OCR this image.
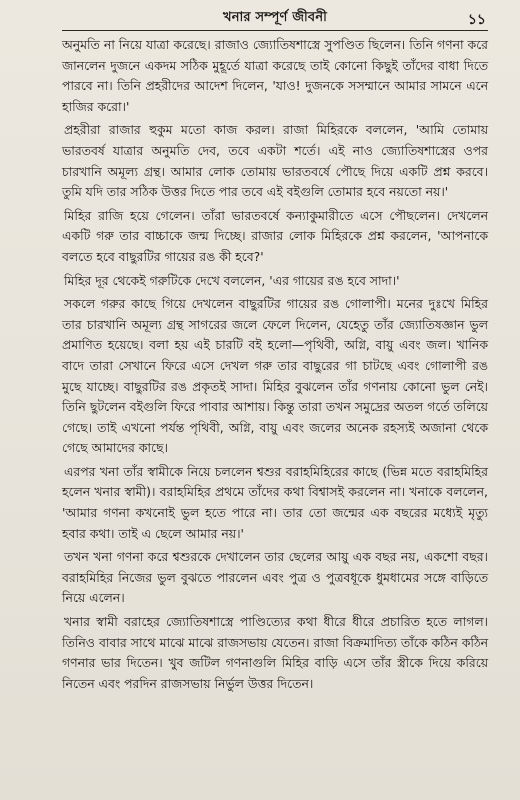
খনার সম্পূর্ণ জীবনী	১১

অনুমতি না নিয়ে যাত্রা করেছে। রাজাও জ্যোতিষশাস্ত্রে সুপণ্ডিত ছিলেন। তিনি গণনা করে জানলেন দুজনে একদম সঠিক মুহূর্তে যাত্রা করেছে তাই কোনো কিছুই তাঁদের বাধা দিতে পারবে না। তিনি প্রহরীদের আদেশ দিলেন, 'যাও! দুজনকে সসম্মানে আমার সামনে এনে হাজির করো।'

প্রহরীরা রাজার হুকুম মতো কাজ করল। রাজা মিহিরকে বললেন, 'আমি তোমায় ভারতবর্ষ যাত্রার অনুমতি দেব, তবে একটা শর্তে। এই নাও জ্যোতিষশাস্ত্রের ওপর চারখানি অমূল্য গ্রন্থ। আমার লোক তোমায় ভারতবর্ষে পৌছে দিয়ে একটি প্রশ্ন করবে। তুমি যদি তার সঠিক উত্তর দিতে পার তবে এই বইগুলি তোমার হবে নয়তো নয়।'

মিহির রাজি হয়ে গেলেন। তাঁরা ভারতবর্ষে কন্যাকুমারীতে এসে পৌছলেন। দেখলেন একটি গরু তার বাচ্চাকে জন্ম দিচ্ছে। রাজার লোক মিহিরকে প্রশ্ন করলেন, 'আপনাকে বলতে হবে বাছুরটির গায়ের রঙ কী হবে?'

মিহির দূর থেকেই গরুটিকে দেখে বললেন, 'এর গায়ের রঙ হবে সাদা।'

সকলে গরুর কাছে গিয়ে দেখলেন বাছুরটির গায়ের রঙ গোলাপী। মনের দুঃখে মিহির তার চারখানি অমূল্য গ্রন্থ সাগরের জলে ফেলে দিলেন, যেহেতু তাঁর জ্যোতিষজ্ঞান ভুল প্রমাণিত হয়েছে। বলা হয় এই চারটি বই হলো—পৃথিবী, অগ্নি, বায়ু এবং জল। খানিক বাদে তারা সেখানে ফিরে এসে দেখল গরু তার বাছুরের গা চাটছে এবং গোলাপী রঙ মুছে যাচ্ছে। বাছুরটির রঙ প্রকৃতই সাদা। মিহির বুঝলেন তাঁর গণনায় কোনো ভুল নেই। তিনি ছুটলেন বইগুলি ফিরে পাবার আশায়। কিন্তু তারা তখন সমুদ্রের অতল গর্তে তলিয়ে গেছে। তাই এখনো পর্যন্ত পৃথিবী, অগ্নি, বায়ু এবং জলের অনেক রহস্যই অজানা থেকে গেছে আমাদের কাছে।

এরপর খনা তাঁর স্বামীকে নিয়ে চললেন শ্বশুর বরাহমিহিরের কাছে (ভিন্ন মতে বরাহমিহির হলেন খনার স্বামী)। বরাহমিহির প্রথমে তাঁদের কথা বিশ্বাসই করলেন না। খনাকে বললেন, 'আমার গণনা কখনোই ভুল হতে পারে না। তার তো জন্মের এক বছরের মধ্যেই মৃত্যু হবার কথা। তাই এ ছেলে আমার নয়।'

তখন খনা গণনা করে শ্বশুরকে দেখালেন তার ছেলের আয়ু এক বছর নয়, একশো বছর। বরাহমিহির নিজের ভুল বুঝতে পারলেন এবং পুত্র ও পুত্রবধূকে ধুমধামের সঙ্গে বাড়িতে নিয়ে এলেন।

খনার স্বামী বরাহের জ্যোতিষশাস্ত্রে পাণ্ডিত্যের কথা ধীরে ধীরে প্রচারিত হতে লাগল। তিনিও বাবার সাথে মাঝে মাঝে রাজসভায় যেতেন। রাজা বিক্রমাদিত্য তাঁকে কঠিন কঠিন গণনার ভার দিতেন। খুব জটিল গণনাগুলি মিহির বাড়ি এসে তাঁর স্ত্রীকে দিয়ে করিয়ে নিতেন এবং পরদিন রাজসভায় নির্ভুল উত্তর দিতেন।
